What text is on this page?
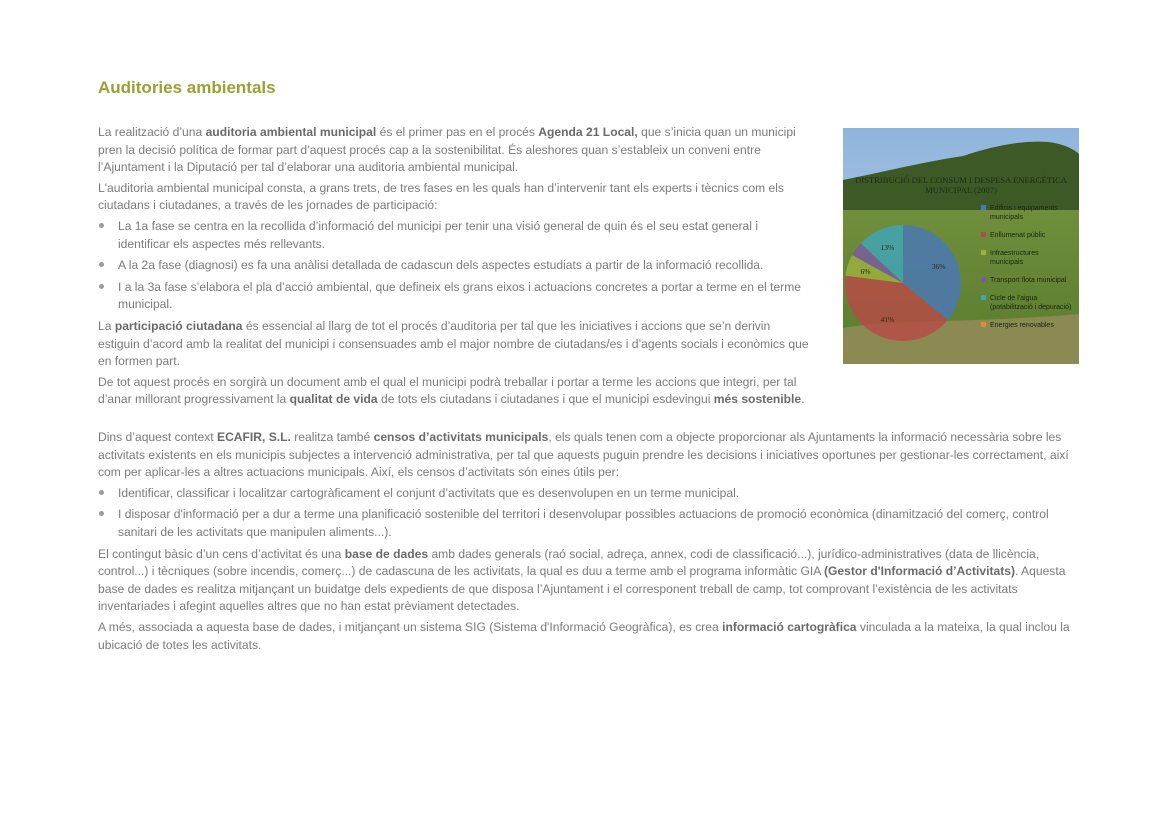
Auditories ambientals

La realització d’una auditoria ambiental municipal és el primer pas en el procés Agenda 21 Local, que s’inicia quan un municipi pren la decisió política de formar part d’aquest procés cap a la sostenibilitat. És aleshores quan s’estableix un conveni entre l’Ajuntament i la Diputació per tal d’elaborar una auditoria ambiental municipal.

L'auditoria ambiental municipal consta, a grans trets, de tres fases en les quals han d’intervenir tant els experts i tècnics com els ciutadans i ciutadanes, a través de les jornades de participació:

La 1a fase se centra en la recollida d’informació del municipi per tenir una visió general de quin és el seu estat general i identificar els aspectes més rellevants.
A la 2a fase (diagnosi) es fa una anàlisi detallada de cadascun dels aspectes estudiats a partir de la informació recollida.
I a la 3a fase s’elabora el pla d’acció ambiental, que defineix els grans eixos i actuacions concretes a portar a terme en el terme municipal.

La participació ciutadana és essencial al llarg de tot el procés d’auditoria per tal que les iniciatives i accions que se’n derivin estiguin d’acord amb la realitat del municipi i consensuades amb el major nombre de ciutadans/es i d’agents socials i econòmics que en formen part.

De tot aquest procés en sorgirà un document amb el qual el municipi podrà treballar i portar a terme les accions que integri, per tal d’anar millorant progressivament la qualitat de vida de tots els ciutadans i ciutadanes i que el municipi esdevingui més sostenible.

Dins d’aquest context ECAFIR, S.L. realitza també censos d’activitats municipals, els quals tenen com a objecte proporcionar als Ajuntaments la informació necessària sobre les activitats existents en els municipis subjectes a intervenció administrativa, per tal que aquests puguin prendre les decisions i iniciatives oportunes per gestionar-les correctament, així com per aplicar-les a altres actuacions municipals. Així, els censos d’activitats són eines útils per:

Identificar, classificar i localitzar cartogràficament el conjunt d’activitats que es desenvolupen en un terme municipal.
I disposar d'informació per a dur a terme una planificació sostenible del territori i desenvolupar possibles actuacions de promoció econòmica (dinamització del comerç, control sanitari de les activitats que manipulen aliments...).

El contingut bàsic d’un cens d’activitat és una base de dades amb dades generals (raó social, adreça, annex, codi de classificació...), jurídico-administratives (data de llicència, control...) i tècniques (sobre incendis, comerç...) de cadascuna de les activitats, la qual es duu a terme amb el programa informàtic GIA (Gestor d'Informació d’Activitats). Aquesta base de dades es realitza mitjançant un buidatge dels expedients de que disposa l’Ajuntament i el corresponent treball de camp, tot comprovant l’existència de les activitats inventariades i afegint aquelles altres que no han estat prèviament detectades.

A més, associada a aquesta base de dades, i mitjançant un sistema SIG (Sistema d'Informació Geogràfica), es crea informació cartogràfica vinculada a la mateixa, la qual inclou la ubicació de totes les activitats.

DISTRIBUCIÓ DEL CONSUM I DESPESA ENERGÈTICA
MUNICIPAL (2007)
36%
41%
6%
13%
Edificis i equipaments
municipals
Enllumenat públic
Infraestructures
municipals
Transport flota municipal
Cicle de l'aigua
(potabilització i depuració)
Energies renovables
